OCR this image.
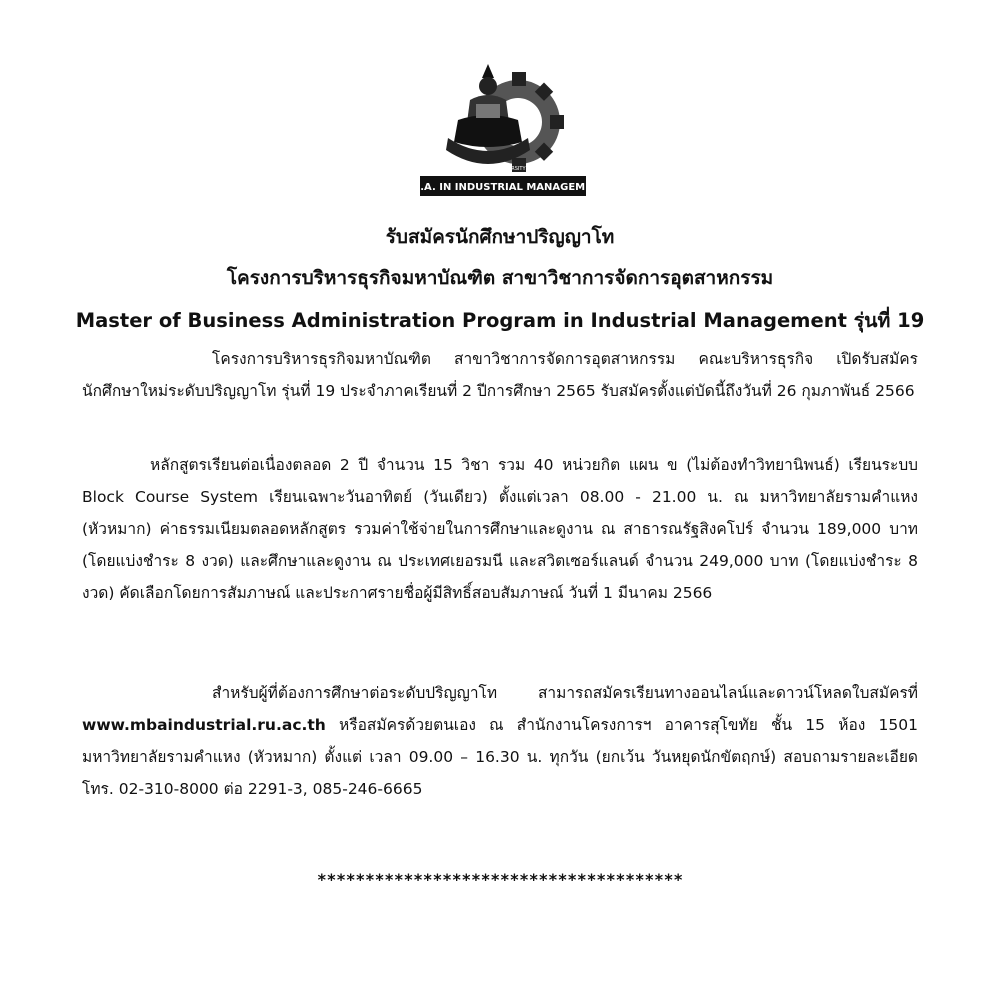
M.B.A. IN INDUSTRIAL MANAGEMENT
RAMKHAMHAENG UNIVERSITY
รับสมัครนักศึกษาปริญญาโท
โครงการบริหารธุรกิจมหาบัณฑิต สาขาวิชาการจัดการอุตสาหกรรม
Master of Business Administration Program in Industrial Management รุ่นที่ 19

โครงการบริหารธุรกิจมหาบัณฑิต สาขาวิชาการจัดการอุตสาหกรรม คณะบริหารธุรกิจ เปิดรับสมัครนักศึกษาใหม่ระดับปริญญาโท รุ่นที่ 19 ประจำภาคเรียนที่ 2 ปีการศึกษา 2565 รับสมัครตั้งแต่บัดนี้ถึงวันที่ 26 กุมภาพันธ์ 2566

หลักสูตรเรียนต่อเนื่องตลอด 2 ปี จำนวน 15 วิชา รวม 40 หน่วยกิต แผน ข (ไม่ต้องทำวิทยานิพนธ์) เรียนระบบ Block Course System เรียนเฉพาะวันอาทิตย์ (วันเดียว) ตั้งแต่เวลา 08.00 - 21.00 น. ณ มหาวิทยาลัยรามคำแหง (หัวหมาก) ค่าธรรมเนียมตลอดหลักสูตร รวมค่าใช้จ่ายในการศึกษาและดูงาน ณ สาธารณรัฐสิงคโปร์ จำนวน 189,000 บาท (โดยแบ่งชำระ 8 งวด) และศึกษาและดูงาน ณ ประเทศเยอรมนี และสวิตเซอร์แลนด์ จำนวน 249,000 บาท (โดยแบ่งชำระ 8 งวด) คัดเลือกโดยการสัมภาษณ์ และประกาศรายชื่อผู้มีสิทธิ์สอบสัมภาษณ์ วันที่ 1 มีนาคม 2566

สำหรับผู้ที่ต้องการศึกษาต่อระดับปริญญาโท สามารถสมัครเรียนทางออนไลน์และดาวน์โหลดใบสมัครที่ www.mbaindustrial.ru.ac.th หรือสมัครด้วยตนเอง ณ สำนักงานโครงการฯ อาคารสุโขทัย ชั้น 15 ห้อง 1501 มหาวิทยาลัยรามคำแหง (หัวหมาก) ตั้งแต่ เวลา 09.00 – 16.30 น. ทุกวัน (ยกเว้น วันหยุดนักขัตฤกษ์) สอบถามรายละเอียดโทร. 02-310-8000 ต่อ 2291-3, 085-246-6665

**************************************
